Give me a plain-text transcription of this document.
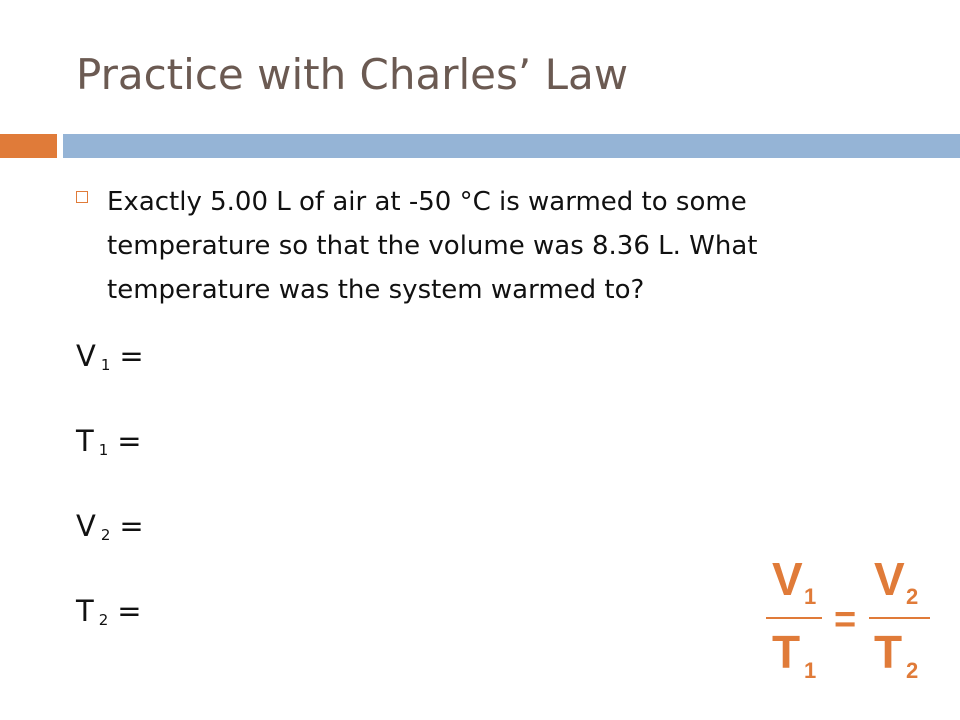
Practice with Charles’ Law
Exactly 5.00 L of air at -50 °C is warmed to some temperature so that the volume was 8.36 L. What temperature was the system warmed to?
V $_1$ =
T $_1$ =
V $_2$ =
T $_2$ =
V 1
T 1
=
V 2
T 2
